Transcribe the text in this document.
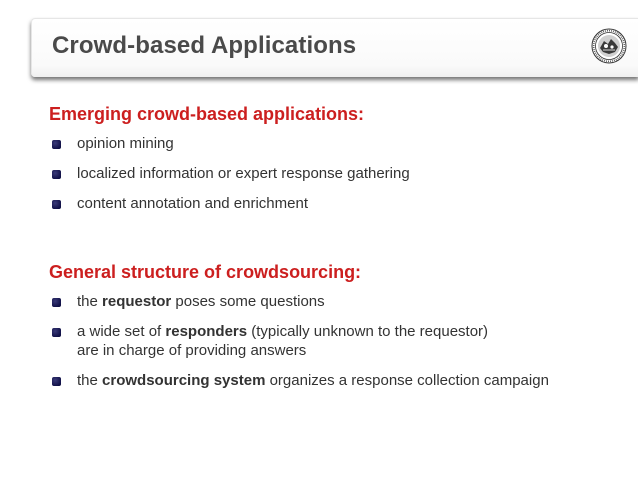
Crowd-based Applications
Emerging crowd-based applications:
opinion mining
localized information or expert response gathering
content annotation and enrichment
General structure of crowdsourcing:
the requestor poses some questions
a wide set of responders (typically unknown to the requestor)
are in charge of providing answers
the crowdsourcing system organizes a response collection campaign
